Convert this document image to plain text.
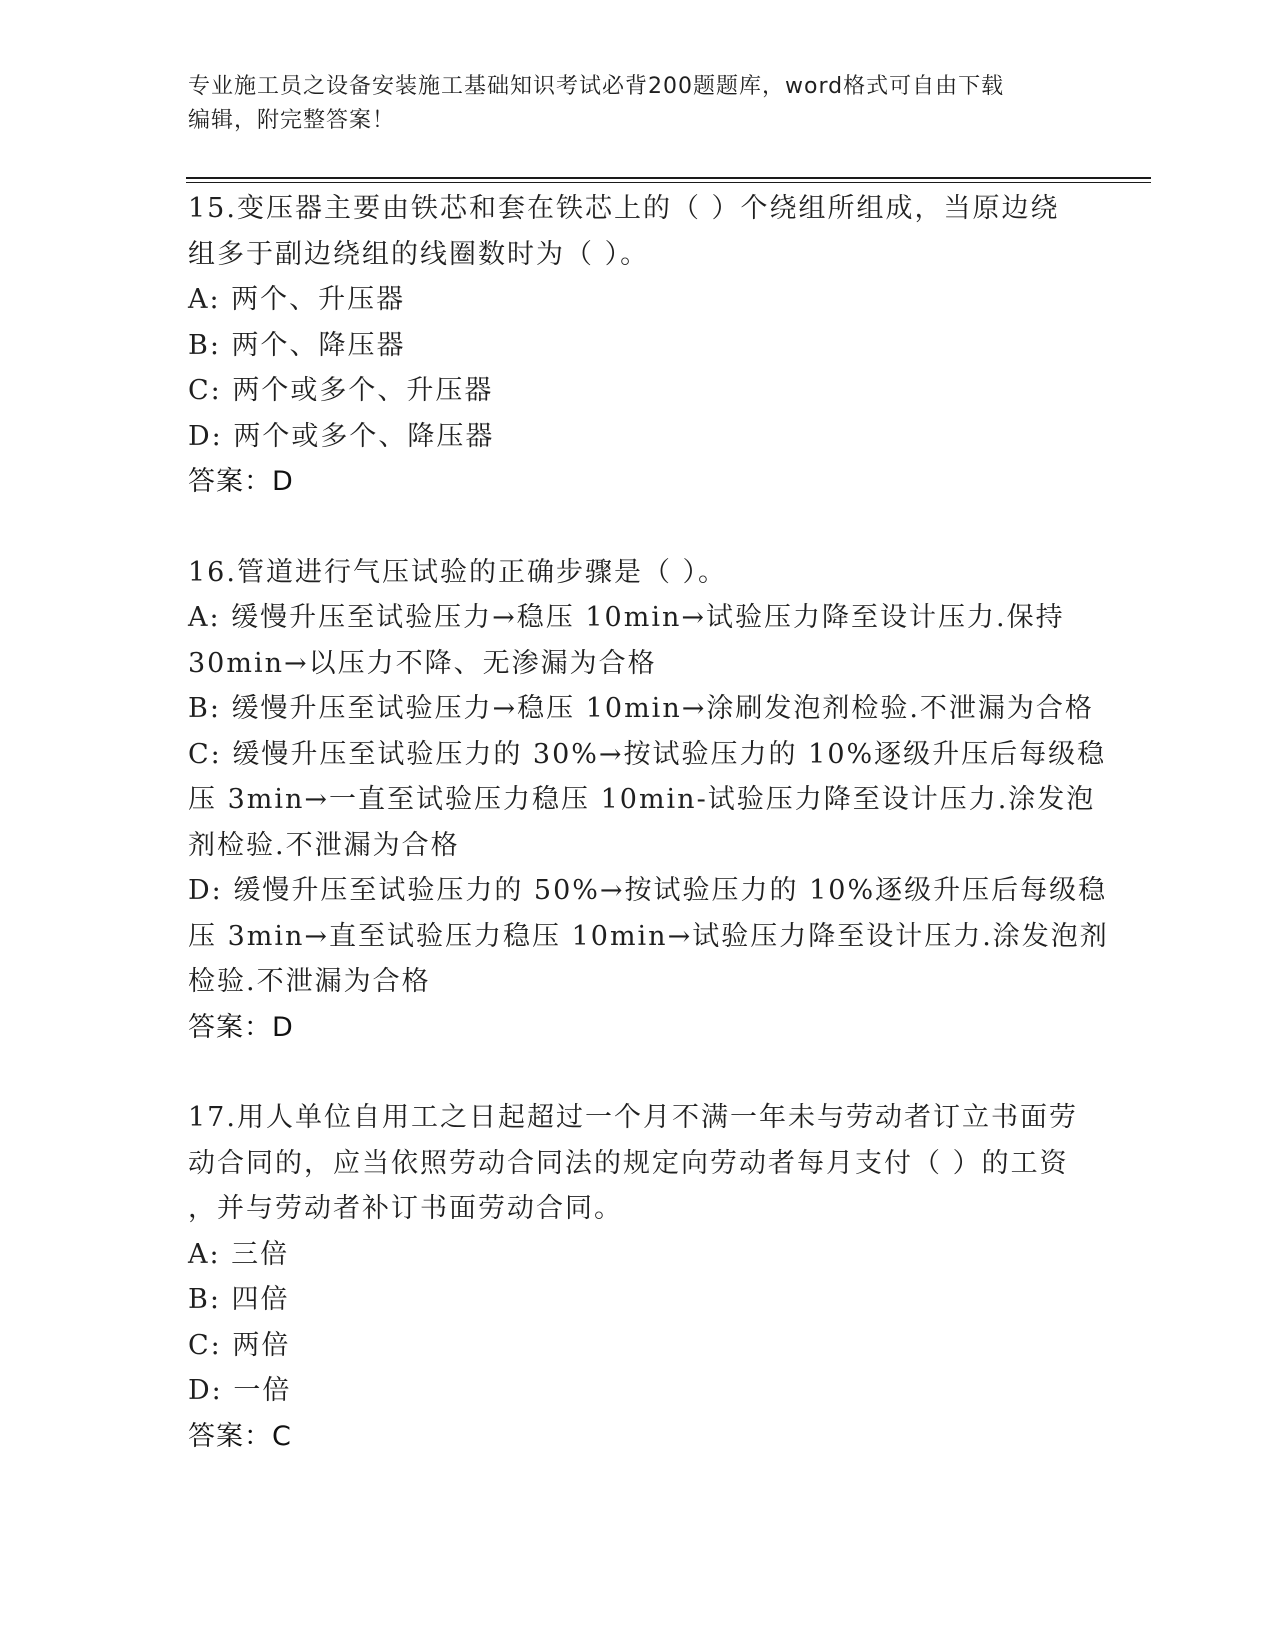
专业施工员之设备安装施工基础知识考试必背200题题库，word格式可自由下载
编辑，附完整答案！
15.变压器主要由铁芯和套在铁芯上的（ ）个绕组所组成，当原边绕
组多于副边绕组的线圈数时为（ ）。
A: 两个、升压器
B: 两个、降压器
C: 两个或多个、升压器
D: 两个或多个、降压器
答案：D
16.管道进行气压试验的正确步骤是（ ）。
A: 缓慢升压至试验压力→稳压 10min→试验压力降至设计压力.保持
30min→以压力不降、无渗漏为合格
B: 缓慢升压至试验压力→稳压 10min→涂刷发泡剂检验.不泄漏为合格
C: 缓慢升压至试验压力的 30%→按试验压力的 10%逐级升压后每级稳
压 3min→一直至试验压力稳压 10min-试验压力降至设计压力.涂发泡
剂检验.不泄漏为合格
D: 缓慢升压至试验压力的 50%→按试验压力的 10%逐级升压后每级稳
压 3min→直至试验压力稳压 10min→试验压力降至设计压力.涂发泡剂
检验.不泄漏为合格
答案：D
17.用人单位自用工之日起超过一个月不满一年未与劳动者订立书面劳
动合同的，应当依照劳动合同法的规定向劳动者每月支付（ ）的工资
，并与劳动者补订书面劳动合同。
A: 三倍
B: 四倍
C: 两倍
D: 一倍
答案：C
